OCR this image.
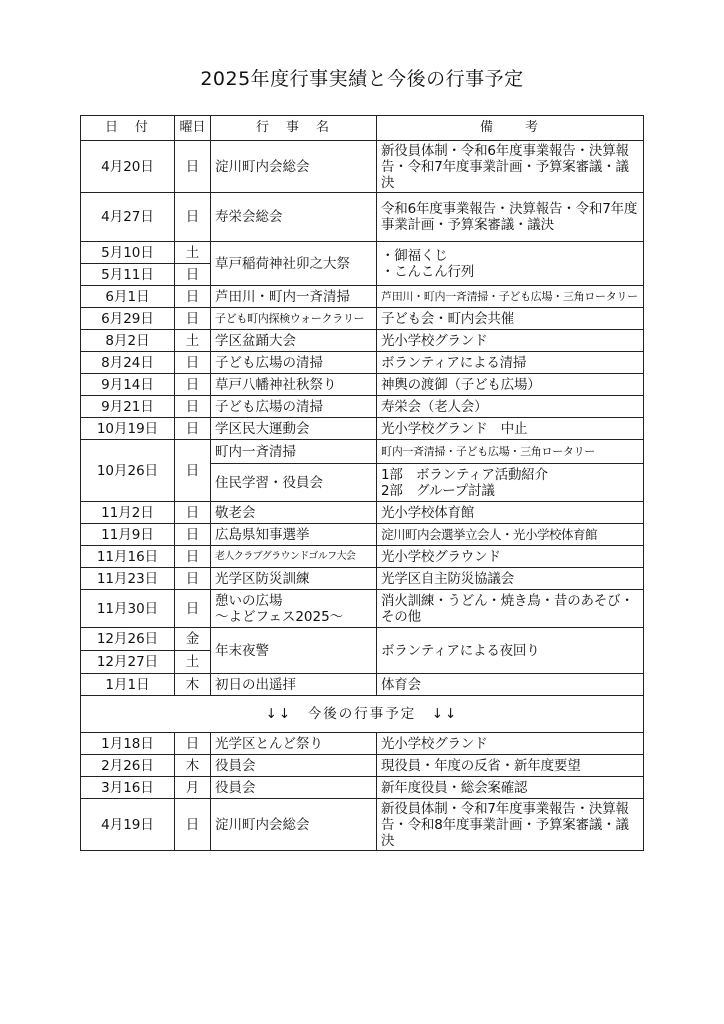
2025年度行事実績と今後の行事予定
日　付	曜日	行　事　名	備　　考
4月20日	日	淀川町内会総会	新役員体制・令和6年度事業報告・決算報告・令和7年度事業計画・予算案審議・議決
4月27日	日	寿栄会総会	令和6年度事業報告・決算報告・令和7年度事業計画・予算案審議・議決
5月10日	土	草戸稲荷神社卯之大祭	・御福くじ
・こんこん行列

5月11日	日		
6月1日	日	芦田川・町内一斉清掃	芦田川・町内一斉清掃・子ども広場・三角ロータリー
6月29日	日	子ども町内探検ウォークラリー	子ども会・町内会共催
8月2日	土	学区盆踊大会	光小学校グランド
8月24日	日	子ども広場の清掃	ボランティアによる清掃
9月14日	日	草戸八幡神社秋祭り	神輿の渡御（子ども広場）
9月21日	日	子ども広場の清掃	寿栄会（老人会）
10月19日	日	学区民大運動会	光小学校グランド　中止
10月26日	日	町内一斉清掃	町内一斉清掃・子ども広場・三角ロータリー
		住民学習・役員会	1部　ボランティア活動紹介
2部　グループ討議

11月2日	日	敬老会	光小学校体育館
11月9日	日	広島県知事選挙	淀川町内会選挙立会人・光小学校体育館
11月16日	日	老人クラブグラウンドゴルフ大会	光小学校グラウンド
11月23日	日	光学区防災訓練	光学区自主防災協議会
11月30日	日	憩いの広場
～よどフェス2025～	消火訓練・うどん・焼き鳥・昔のあそび・その他
12月26日	金	年末夜警	ボランティアによる夜回り
12月27日	土		
1月1日	木	初日の出遥拝	体育会
↓↓　今後の行事予定　↓↓			
1月18日	日	光学区とんど祭り	光小学校グランド
2月26日	木	役員会	現役員・年度の反省・新年度要望
3月16日	月	役員会	新年度役員・総会案確認
4月19日	日	淀川町内会総会	新役員体制・令和7年度事業報告・決算報告・令和8年度事業計画・予算案審議・議決
